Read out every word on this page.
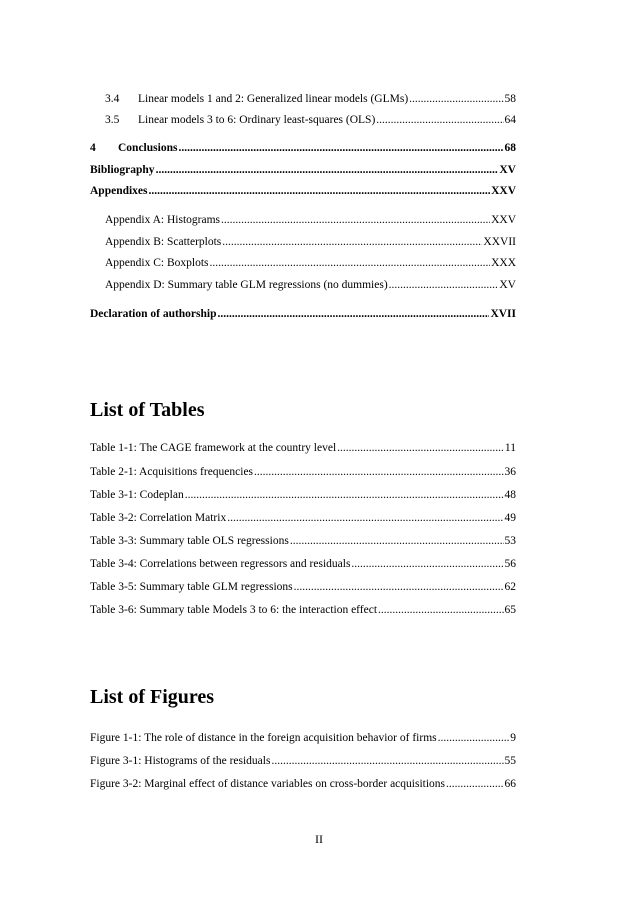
3.4	Linear models 1 and 2: Generalized linear models (GLMs) .....	58
3.5	Linear models 3 to 6: Ordinary least-squares (OLS) .....	64
4	Conclusions .....	68
Bibliography .....	XV
Appendixes .....	XXV
Appendix A: Histograms .....	XXV
Appendix B: Scatterplots .....	XXVII
Appendix C: Boxplots .....	XXX
Appendix D: Summary table GLM regressions (no dummies) .....	XV
Declaration of authorship .....	XVII
List of Tables
Table 1-1: The CAGE framework at the country level .....	11
Table 2-1: Acquisitions frequencies .....	36
Table 3-1: Codeplan .....	48
Table 3-2: Correlation Matrix .....	49
Table 3-3: Summary table OLS regressions .....	53
Table 3-4: Correlations between regressors and residuals .....	56
Table 3-5: Summary table GLM regressions .....	62
Table 3-6: Summary table Models 3 to 6: the interaction effect .....	65
List of Figures
Figure 1-1: The role of distance in the foreign acquisition behavior of firms .....	9
Figure 3-1: Histograms of the residuals .....	55
Figure 3-2: Marginal effect of distance variables on cross-border acquisitions .....	66
II
